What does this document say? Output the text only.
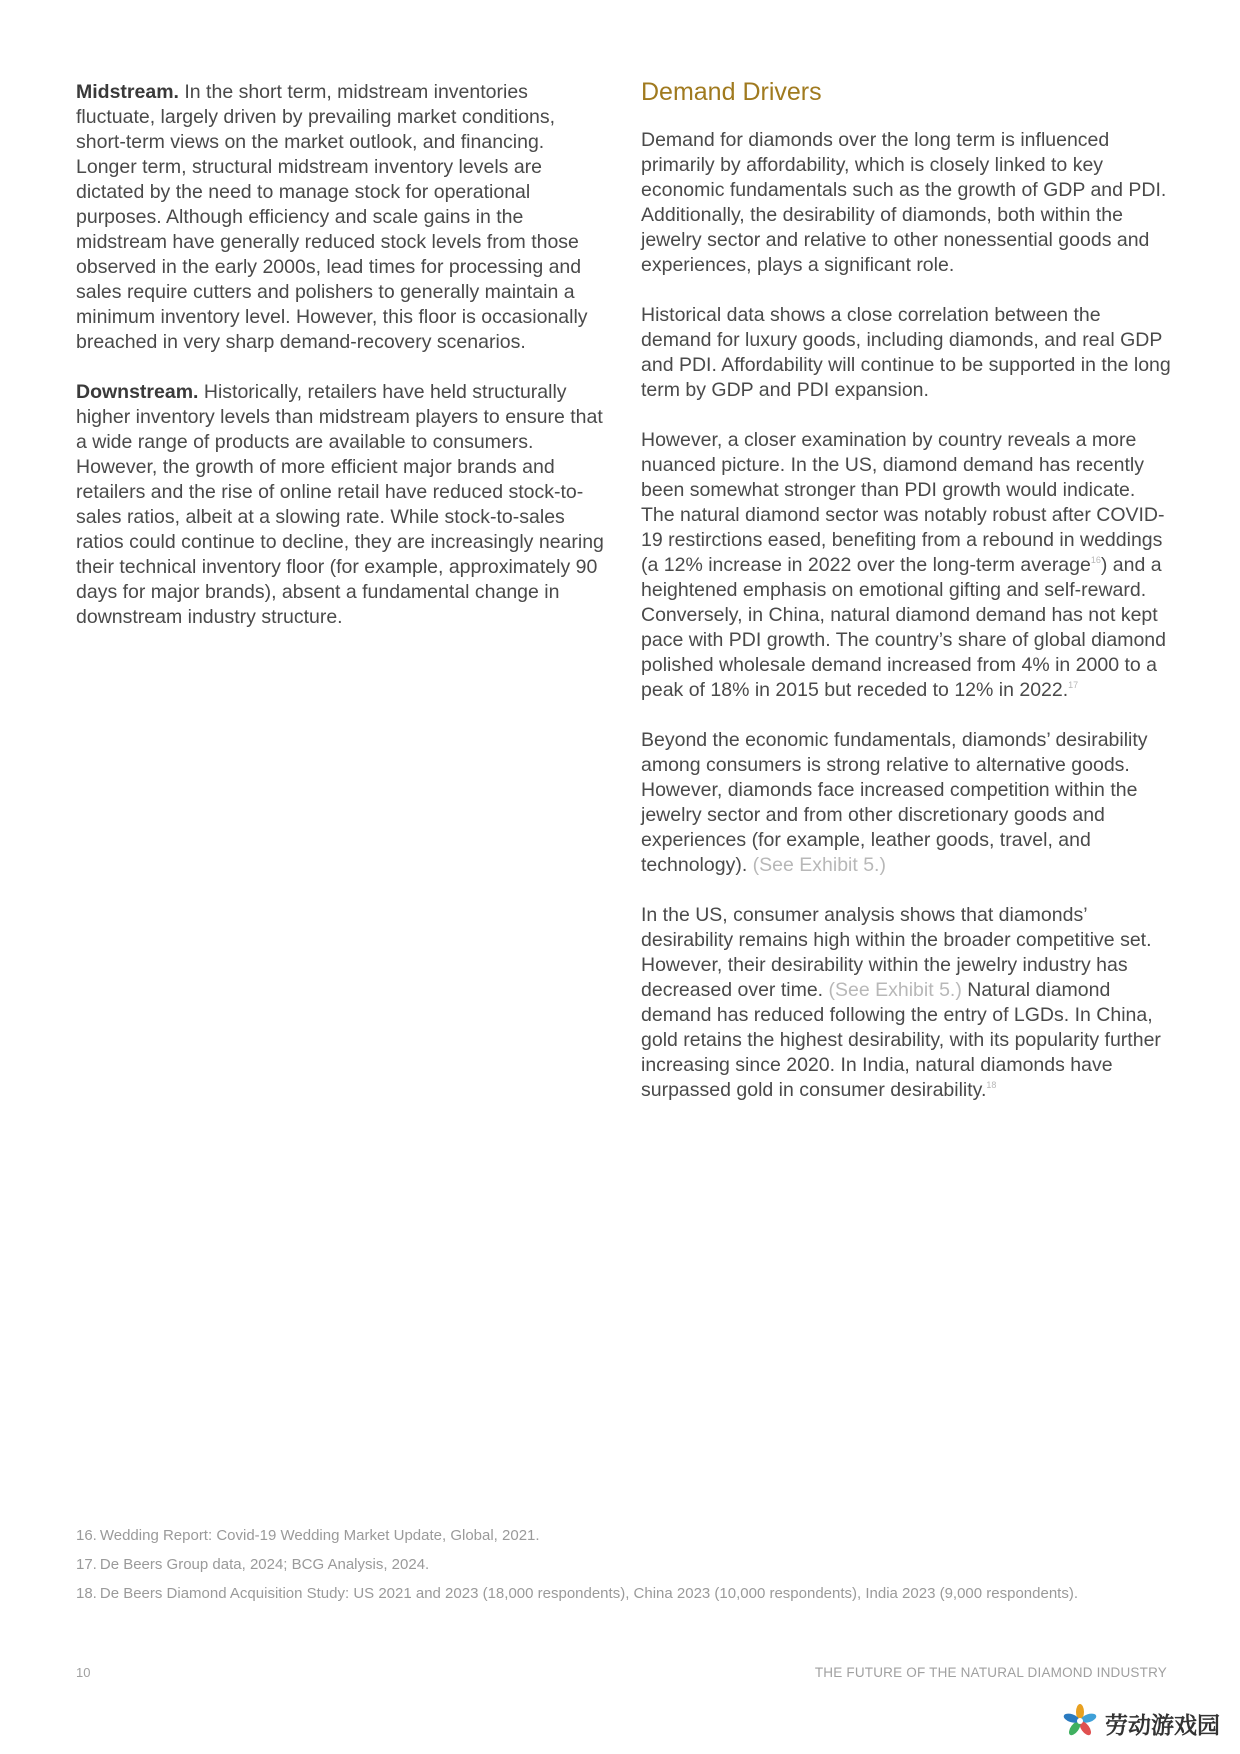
Midstream. In the short term, midstream inventories fluctuate, largely driven by prevailing market conditions, short-term views on the market outlook, and financing. Longer term, structural midstream inventory levels are dictated by the need to manage stock for operational purposes. Although efficiency and scale gains in the midstream have generally reduced stock levels from those observed in the early 2000s, lead times for processing and sales require cutters and polishers to generally maintain a minimum inventory level. However, this floor is occasionally breached in very sharp demand-recovery scenarios.

Downstream. Historically, retailers have held structurally higher inventory levels than midstream players to ensure that a wide range of products are available to consumers. However, the growth of more efficient major brands and retailers and the rise of online retail have reduced stock-to-sales ratios, albeit at a slowing rate. While stock-to-sales ratios could continue to decline, they are increasingly nearing their technical inventory floor (for example, approximately 90 days for major brands), absent a fundamental change in downstream industry structure.

Demand Drivers

Demand for diamonds over the long term is influenced primarily by affordability, which is closely linked to key economic fundamentals such as the growth of GDP and PDI. Additionally, the desirability of diamonds, both within the jewelry sector and relative to other nonessential goods and experiences, plays a significant role.

Historical data shows a close correlation between the demand for luxury goods, including diamonds, and real GDP and PDI. Affordability will continue to be supported in the long term by GDP and PDI expansion.

However, a closer examination by country reveals a more nuanced picture. In the US, diamond demand has recently been somewhat stronger than PDI growth would indicate. The natural diamond sector was notably robust after COVID-19 restirctions eased, benefiting from a rebound in weddings (a 12% increase in 2022 over the long-term average$^{16}$) and a heightened emphasis on emotional gifting and self-reward. Conversely, in China, natural diamond demand has not kept pace with PDI growth. The country’s share of global diamond polished wholesale demand increased from 4% in 2000 to a peak of 18% in 2015 but receded to 12% in 2022.17

Beyond the economic fundamentals, diamonds’ desirability among consumers is strong relative to alternative goods. However, diamonds face increased competition within the jewelry sector and from other discretionary goods and experiences (for example, leather goods, travel, and technology). (See Exhibit 5.)

In the US, consumer analysis shows that diamonds’ desirability remains high within the broader competitive set. However, their desirability within the jewelry industry has decreased over time. (See Exhibit 5.) Natural diamond demand has reduced following the entry of LGDs. In China, gold retains the highest desirability, with its popularity further increasing since 2020. In India, natural diamonds have surpassed gold in consumer desirability.$^{18}$

16. Wedding Report: Covid-19 Wedding Market Update, Global, 2021.
17. De Beers Group data, 2024; BCG Analysis, 2024.
18. De Beers Diamond Acquisition Study: US 2021 and 2023 (18,000 respondents), China 2023 (10,000 respondents), India 2023 (9,000 respondents).
10	THE FUTURE OF THE NATURAL DIAMOND INDUSTRY
劳动游戏园
